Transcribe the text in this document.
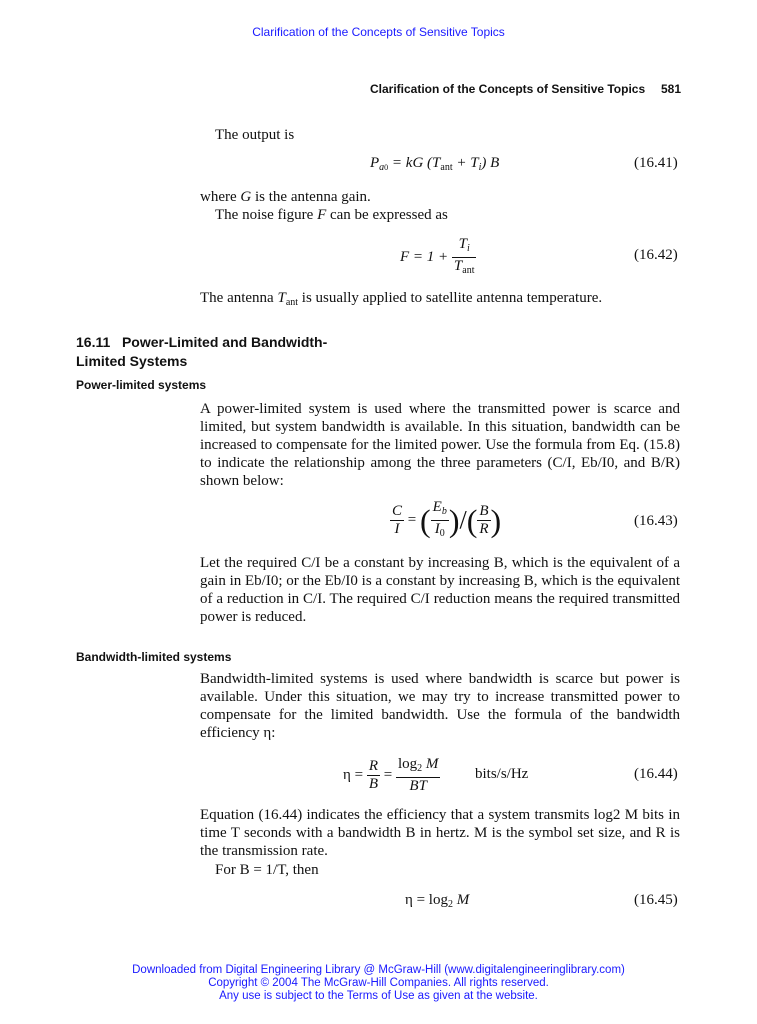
Clarification of the Concepts of Sensitive Topics
Clarification of the Concepts of Sensitive Topics 581
The output is
$P_{a0}$ = kG $(T_{ant} + T_i)$ B	(16.41)
where G is the antenna gain.
The noise figure F can be expressed as
$F = 1 + \frac{T_i}{T_{ant}}$	(16.42)
The antenna $T_{ant}$ is usually applied to satellite antenna temperature.
16.11 Power-Limited and Bandwidth-
Limited Systems
Power-limited systems
A power-limited system is used where the transmitted power is scarce and limited, but system bandwidth is available. In this situation, bandwidth can be increased to compensate for the limited power. Use the formula from Eq. (15.8) to indicate the relationship among the three parameters (C/I, Eb/I0, and B/R) shown below:
$\frac{C}{I}$ = ( $\frac{E_b}{I_0}$ )/( $\frac{B}{R}$ )	(16.43)
Let the required C/I be a constant by increasing B, which is the equivalent of a gain in Eb/I0; or the Eb/I0 is a constant by increasing B, which is the equivalent of a reduction in C/I. The required C/I reduction means the required transmitted power is reduced.
Bandwidth-limited systems
Bandwidth-limited systems is used where bandwidth is scarce but power is available. Under this situation, we may try to increase transmitted power to compensate for the limited bandwidth. Use the formula of the bandwidth efficiency η:
$\eta = \frac{R}{B} = \frac{\log_2 M}{BT}$ bits/s/Hz	(16.44)
Equation (16.44) indicates the efficiency that a system transmits log2 M bits in time T seconds with a bandwidth B in hertz. M is the symbol set size, and R is the transmission rate.
For B = 1/T, then
$\eta = \log_2 M$	(16.45)
Downloaded from Digital Engineering Library @ McGraw-Hill (www.digitalengineeringlibrary.com)
Copyright © 2004 The McGraw-Hill Companies. All rights reserved.
Any use is subject to the Terms of Use as given at the website.
